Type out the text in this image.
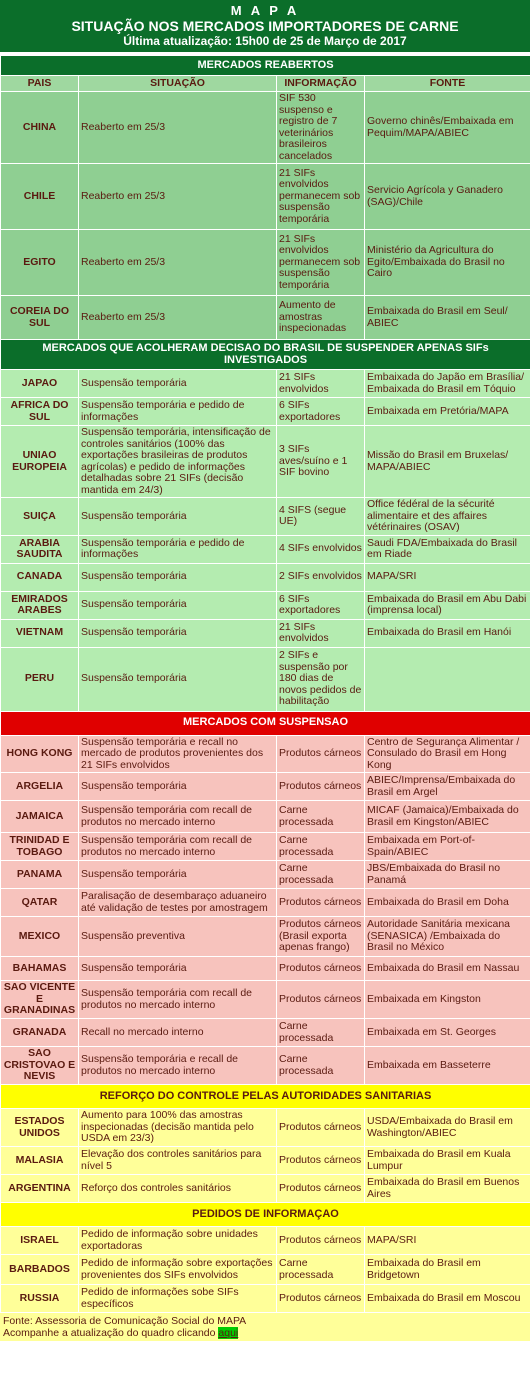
M A P A
SITUAÇÃO NOS MERCADOS IMPORTADORES DE CARNE
Última atualização: 15h00 de 25 de Março de 2017
MERCADOS REABERTOS			
PAIS	SITUAÇÃO	INFORMAÇÃO	FONTE
CHINA	Reaberto em 25/3	SIF 530 suspenso e registro de 7 veterinários brasileiros cancelados	Governo chinês/Embaixada em Pequim/MAPA/ABIEC
CHILE	Reaberto em 25/3	21 SIFs envolvidos permanecem sob suspensão temporária	Servicio Agrícola y Ganadero (SAG)/Chile
EGITO	Reaberto em 25/3	21 SIFs envolvidos permanecem sob suspensão temporária	Ministério da Agricultura do Egito/Embaixada do Brasil no Cairo
COREIA DO SUL	Reaberto em 25/3	Aumento de amostras inspecionadas	Embaixada do Brasil em Seul/ ABIEC
MERCADOS QUE ACOLHERAM DECISAO DO BRASIL DE SUSPENDER APENAS SIFs INVESTIGADOS			
JAPAO	Suspensão temporária	21 SIFs envolvidos	Embaixada do Japão em Brasília/ Embaixada do Brasil em Tóquio
AFRICA DO SUL	Suspensão temporária e pedido de informações	6 SIFs exportadores	Embaixada em Pretória/MAPA
UNIAO EUROPEIA	Suspensão temporária, intensificação de controles sanitários (100% das exportações brasileiras de produtos agrícolas) e pedido de informações detalhadas sobre 21 SIFs (decisão mantida em 24/3)	3 SIFs aves/suíno e 1 SIF bovino	Missão do Brasil em Bruxelas/ MAPA/ABIEC
SUIÇA	Suspensão temporária	4 SIFS (segue UE)	Office fédéral de la sécurité alimentaire et des affaires vétérinaires (OSAV)
ARABIA SAUDITA	Suspensão temporária e pedido de informações	4 SIFs envolvidos	Saudi FDA/Embaixada do Brasil em Riade
CANADA	Suspensão temporária	2 SIFs envolvidos	MAPA/SRI
EMIRADOS ARABES	Suspensão temporária	6 SIFs exportadores	Embaixada do Brasil em Abu Dabi (imprensa local)
VIETNAM	Suspensão temporária	21 SIFs envolvidos	Embaixada do Brasil em Hanói
PERU	Suspensão temporária	2 SIFs e suspensão por 180 dias de novos pedidos de habilitação	
MERCADOS COM SUSPENSAO			
HONG KONG	Suspensão temporária e recall no mercado de produtos provenientes dos 21 SIFs envolvidos	Produtos cárneos	Centro de Segurança Alimentar / Consulado do Brasil em Hong Kong
ARGELIA	Suspensão temporária	Produtos cárneos	ABIEC/Imprensa/Embaixada do Brasil em Argel
JAMAICA	Suspensão temporária com recall de produtos no mercado interno	Carne processada	MICAF (Jamaica)/Embaixada do Brasil em Kingston/ABIEC
TRINIDAD E TOBAGO	Suspensão temporária com recall de produtos no mercado interno	Carne processada	Embaixada em Port-of-Spain/ABIEC
PANAMA	Suspensão temporária	Carne processada	JBS/Embaixada do Brasil no Panamá
QATAR	Paralisação de desembaraço aduaneiro até validação de testes por amostragem	Produtos cárneos	Embaixada do Brasil em Doha
MEXICO	Suspensão preventiva	Produtos cárneos (Brasil exporta apenas frango)	Autoridade Sanitária mexicana (SENASICA) /Embaixada do Brasil no México
BAHAMAS	Suspensão temporária	Produtos cárneos	Embaixada do Brasil em Nassau
SAO VICENTE E GRANADINAS	Suspensão temporária com recall de produtos no mercado interno	Produtos cárneos	Embaixada em Kingston
GRANADA	Recall no mercado interno	Carne processada	Embaixada em St. Georges
SAO CRISTOVAO E NEVIS	Suspensão temporária e recall de produtos no mercado interno	Carne processada	Embaixada em Basseterre
REFORÇO DO CONTROLE PELAS AUTORIDADES SANITARIAS			
ESTADOS UNIDOS	Aumento para 100% das amostras inspecionadas (decisão mantida pelo USDA em 23/3)	Produtos cárneos	USDA/Embaixada do Brasil em Washington/ABIEC
MALASIA	Elevação dos controles sanitários para nível 5	Produtos cárneos	Embaixada do Brasil em Kuala Lumpur
ARGENTINA	Reforço dos controles sanitários	Produtos cárneos	Embaixada do Brasil em Buenos Aires
PEDIDOS DE INFORMAÇAO			
ISRAEL	Pedido de informação sobre unidades exportadoras	Produtos cárneos	MAPA/SRI
BARBADOS	Pedido de informação sobre exportações provenientes dos SIFs envolvidos	Carne processada	Embaixada do Brasil em Bridgetown
RUSSIA	Pedido de informações sobe SIFs específicos	Produtos cárneos	Embaixada do Brasil em Moscou
Fonte: Assessoria de Comunicação Social do MAPA
Acompanhe a atualização do quadro clicando aqui
